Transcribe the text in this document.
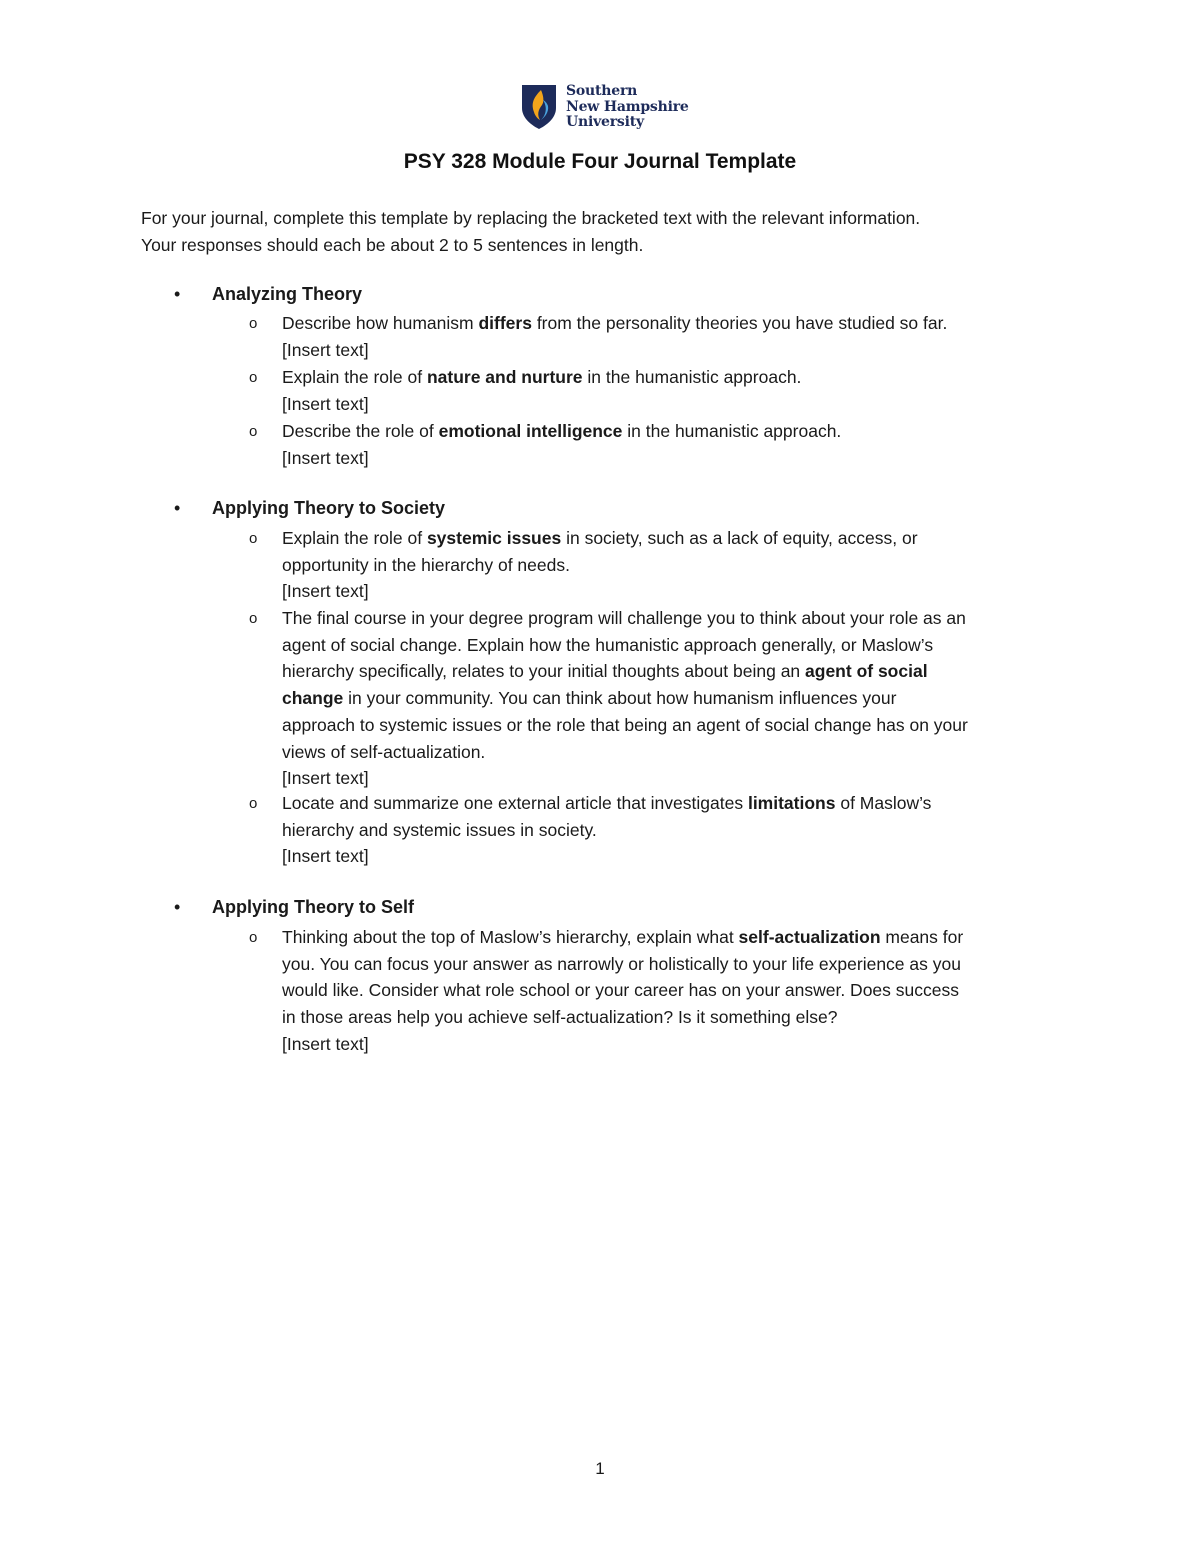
Southern
New Hampshire
University
PSY 328 Module Four Journal Template
For your journal, complete this template by replacing the bracketed text with the relevant information.
Your responses should each be about 2 to 5 sentences in length.
• Analyzing Theory
o Describe how humanism differs from the personality theories you have studied so far.
[Insert text]
o Explain the role of nature and nurture in the humanistic approach.
[Insert text]
o Describe the role of emotional intelligence in the humanistic approach.
[Insert text]
• Applying Theory to Society
o Explain the role of systemic issues in society, such as a lack of equity, access, or
opportunity in the hierarchy of needs.
[Insert text]
o The final course in your degree program will challenge you to think about your role as an
agent of social change. Explain how the humanistic approach generally, or Maslow’s
hierarchy specifically, relates to your initial thoughts about being an agent of social
change in your community. You can think about how humanism influences your
approach to systemic issues or the role that being an agent of social change has on your
views of self-actualization.
[Insert text]
o Locate and summarize one external article that investigates limitations of Maslow’s
hierarchy and systemic issues in society.
[Insert text]
• Applying Theory to Self
o Thinking about the top of Maslow’s hierarchy, explain what self-actualization means for
you. You can focus your answer as narrowly or holistically to your life experience as you
would like. Consider what role school or your career has on your answer. Does success
in those areas help you achieve self-actualization? Is it something else?
[Insert text]
1
